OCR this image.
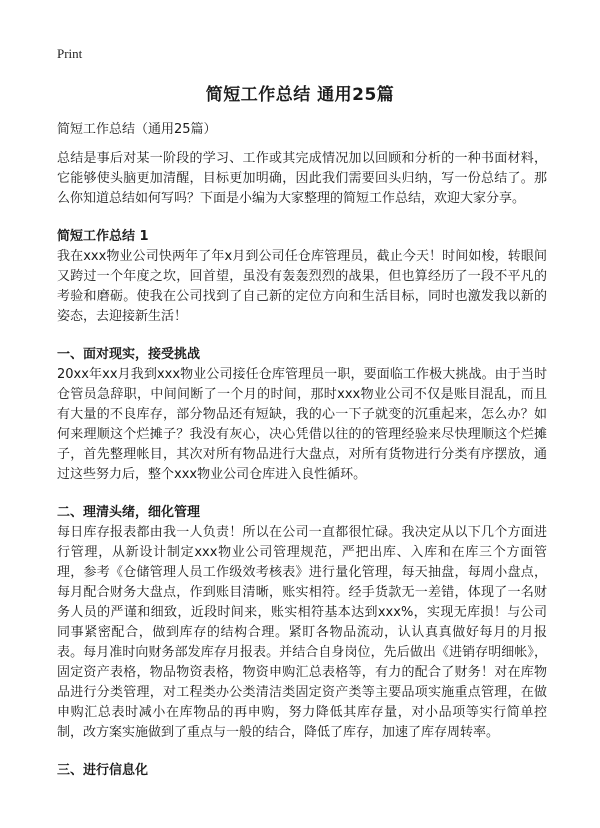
Print
简短工作总结 通用25篇

简短工作总结（通用25篇）

总结是事后对某一阶段的学习、工作或其完成情况加以回顾和分析的一种书面材料，它能够使头脑更加清醒，目标更加明确，因此我们需要回头归纳，写一份总结了。那么你知道总结如何写吗？下面是小编为大家整理的简短工作总结，欢迎大家分享。

简短工作总结 1

我在xxx物业公司快两年了年x月到公司任仓库管理员，截止今天！时间如梭，转眼间又跨过一个年度之坎，回首望，虽没有轰轰烈烈的战果，但也算经历了一段不平凡的考验和磨砺。使我在公司找到了自己新的定位方向和生活目标，同时也激发我以新的姿态，去迎接新生活！

一、面对现实，接受挑战

20xx年xx月我到xxx物业公司接任仓库管理员一职，要面临工作极大挑战。由于当时仓管员急辞职，中间间断了一个月的时间，那时xxx物业公司不仅是账目混乱，而且有大量的不良库存，部分物品还有短缺，我的心一下子就变的沉重起来，怎么办？如何来理顺这个烂摊子？我没有灰心，决心凭借以往的的管理经验来尽快理顺这个烂摊子，首先整理帐目，其次对所有物品进行大盘点，对所有货物进行分类有序摆放，通过这些努力后，整个xxx物业公司仓库进入良性循环。

二、理清头绪，细化管理

每日库存报表都由我一人负责！所以在公司一直都很忙碌。我决定从以下几个方面进行管理，从新设计制定xxx物业公司管理规范，严把出库、入库和在库三个方面管理，参考《仓储管理人员工作级效考核表》进行量化管理，每天抽盘，每周小盘点，每月配合财务大盘点，作到账目清晰，账实相符。经手货款无一差错，体现了一名财务人员的严谨和细致，近段时间来，账实相符基本达到xxx%，实现无库损！与公司同事紧密配合，做到库存的结构合理。紧盯各物品流动，认认真真做好每月的月报表。每月准时向财务部发库存月报表。并结合自身岗位，先后做出《进销存明细帐》，固定资产表格，物品物资表格，物资申购汇总表格等，有力的配合了财务！对在库物品进行分类管理，对工程类办公类清洁类固定资产类等主要品项实施重点管理，在做申购汇总表时减小在库物品的再申购，努力降低其库存量，对小品项等实行简单控制，改方案实施做到了重点与一般的结合，降低了库存，加速了库存周转率。

三、进行信息化
